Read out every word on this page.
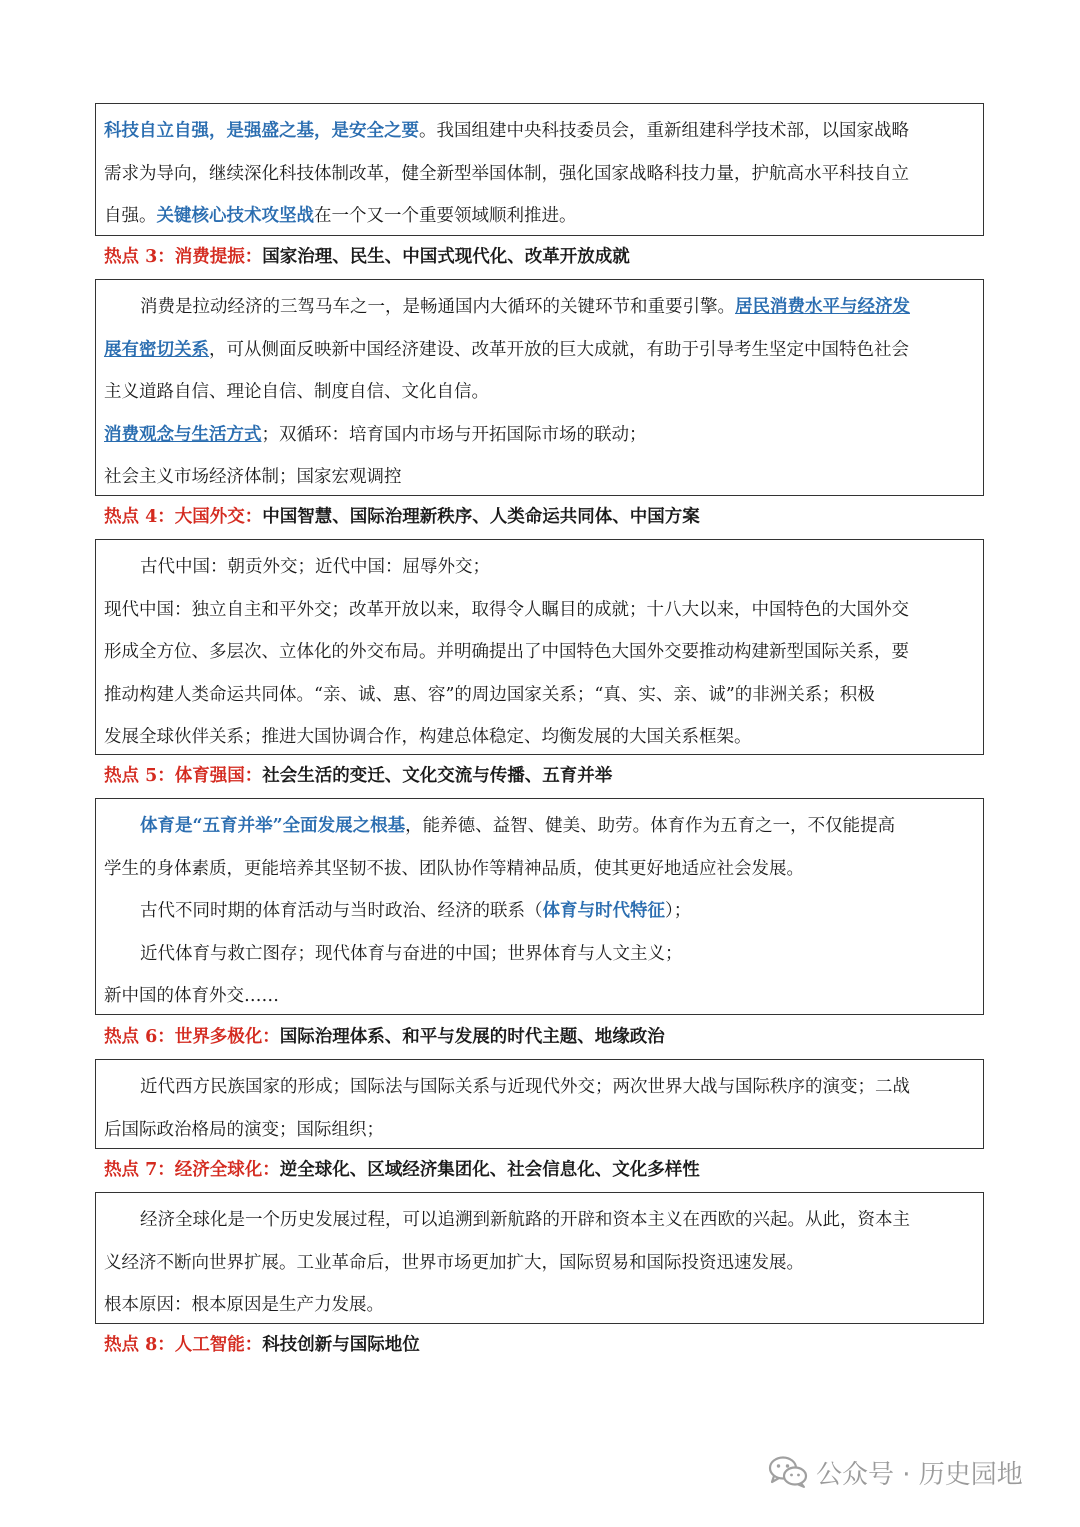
科技自立自强，是强盛之基，是安全之要。我国组建中央科技委员会，重新组建科学技术部，以国家战略
需求为导向，继续深化科技体制改革，健全新型举国体制，强化国家战略科技力量，护航高水平科技自立
自强。关键核心技术攻坚战在一个又一个重要领域顺利推进。
热点 3：消费提振：国家治理、民生、中国式现代化、改革开放成就
消费是拉动经济的三驾马车之一，是畅通国内大循环的关键环节和重要引擎。居民消费水平与经济发
展有密切关系，可从侧面反映新中国经济建设、改革开放的巨大成就，有助于引导考生坚定中国特色社会
主义道路自信、理论自信、制度自信、文化自信。
消费观念与生活方式；双循环：培育国内市场与开拓国际市场的联动；
社会主义市场经济体制；国家宏观调控
热点 4：大国外交：中国智慧、国际治理新秩序、人类命运共同体、中国方案
古代中国：朝贡外交；近代中国：屈辱外交；
现代中国：独立自主和平外交；改革开放以来，取得令人瞩目的成就；十八大以来，中国特色的大国外交
形成全方位、多层次、立体化的外交布局。并明确提出了中国特色大国外交要推动构建新型国际关系，要
推动构建人类命运共同体。“亲、诚、惠、容”的周边国家关系；“真、实、亲、诚”的非洲关系；积极
发展全球伙伴关系；推进大国协调合作，构建总体稳定、均衡发展的大国关系框架。
热点 5：体育强国：社会生活的变迁、文化交流与传播、五育并举
体育是“五育并举”全面发展之根基，能养德、益智、健美、助劳。体育作为五育之一，不仅能提高
学生的身体素质，更能培养其坚韧不拔、团队协作等精神品质，使其更好地适应社会发展。
古代不同时期的体育活动与当时政治、经济的联系（体育与时代特征）；
近代体育与救亡图存；现代体育与奋进的中国；世界体育与人文主义；
新中国的体育外交……
热点 6：世界多极化：国际治理体系、和平与发展的时代主题、地缘政治
近代西方民族国家的形成；国际法与国际关系与近现代外交；两次世界大战与国际秩序的演变；二战
后国际政治格局的演变；国际组织；
热点 7：经济全球化：逆全球化、区域经济集团化、社会信息化、文化多样性
经济全球化是一个历史发展过程，可以追溯到新航路的开辟和资本主义在西欧的兴起。从此，资本主
义经济不断向世界扩展。工业革命后，世界市场更加扩大，国际贸易和国际投资迅速发展。
根本原因：根本原因是生产力发展。
热点 8：人工智能：科技创新与国际地位
公众号 · 历史园地
